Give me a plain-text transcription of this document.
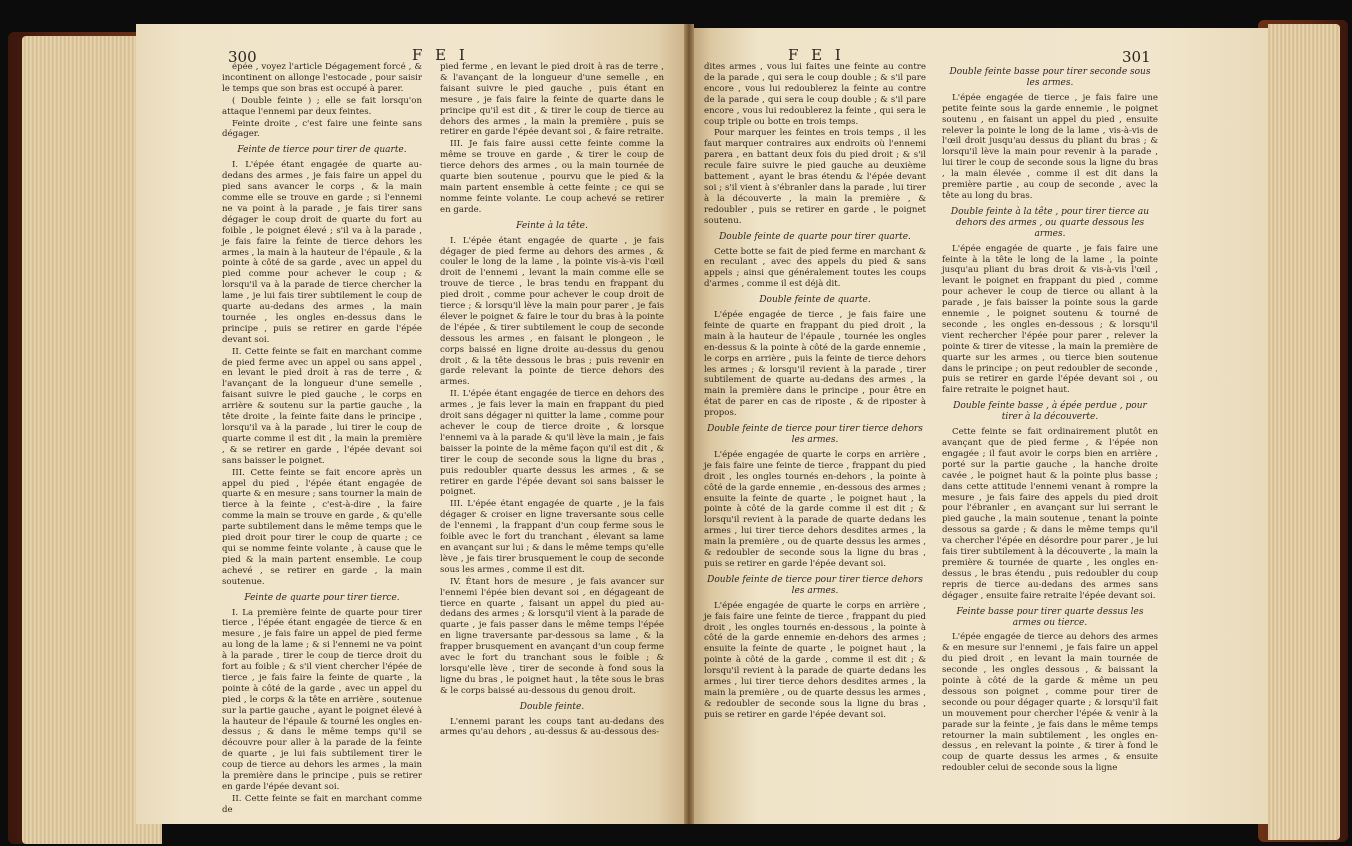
300	F E I	F E I	301

épée , voyez l'article Dégagement forcé , & incontinent on allonge l'estocade , pour saisir le temps que son bras est occupé à parer.

( Double feinte ) ; elle se fait lorsqu'on attaque l'ennemi par deux feintes.

Feinte droite , c'est faire une feinte sans dégager.

Feinte de tierce pour tirer de quarte.

I. L'épée étant engagée de quarte au-dedans des armes , je fais faire un appel du pied sans avancer le corps , & la main comme elle se trouve en garde ; si l'ennemi ne va point à la parade , je fais tirer sans dégager le coup droit de quarte du fort au foible , le poignet élevé ; s'il va à la parade , je fais faire la feinte de tierce dehors les armes , la main à la hauteur de l'épaule , & la pointe à côté de sa garde , avec un appel du pied comme pour achever le coup ; & lorsqu'il va à la parade de tierce chercher la lame , je lui fais tirer subtilement le coup de quarte au-dedans des armes , la main tournée , les ongles en-dessus dans le principe , puis se retirer en garde l'épée devant soi.

II. Cette feinte se fait en marchant comme de pied ferme avec un appel ou sans appel , en levant le pied droit à ras de terre , & l'avançant de la longueur d'une semelle , faisant suivre le pied gauche , le corps en arrière & soutenu sur la partie gauche , la tête droite , la feinte faite dans le principe , lorsqu'il va à la parade , lui tirer le coup de quarte comme il est dit , la main la première , & se retirer en garde , l'épée devant soi sans baisser le poignet.

III. Cette feinte se fait encore après un appel du pied , l'épée étant engagée de quarte & en mesure ; sans tourner la main de tierce à la feinte , c'est-à-dire , la faire comme la main se trouve en garde , & qu'elle parte subtilement dans le même temps que le pied droit pour tirer le coup de quarte ; ce qui se nomme feinte volante , à cause que le pied & la main partent ensemble. Le coup achevé , se retirer en garde , la main soutenue.

Feinte de quarte pour tirer tierce.

I. La première feinte de quarte pour tirer tierce , l'épée étant engagée de tierce & en mesure , je fais faire un appel de pied ferme au long de la lame ; & si l'ennemi ne va point à la parade , tirer le coup de tierce droit du fort au foible ; & s'il vient chercher l'épée de tierce , je fais faire la feinte de quarte , la pointe à côté de la garde , avec un appel du pied , le corps & la tête en arrière , soutenue sur la partie gauche , ayant le poignet élevé à la hauteur de l'épaule & tourné les ongles en-dessus ; & dans le même temps qu'il se découvre pour aller à la parade de la feinte de quarte , je lui fais subtilement tirer le coup de tierce au dehors les armes , la main la première dans le principe , puis se retirer en garde l'épée devant soi.

II. Cette feinte se fait en marchant comme de

pied ferme , en levant le pied droit à ras de terre , & l'avançant de la longueur d'une semelle , en faisant suivre le pied gauche , puis étant en mesure , je fais faire la feinte de quarte dans le principe qu'il est dit , & tirer le coup de tierce au dehors des armes , la main la première , puis se retirer en garde l'épée devant soi , & faire retraite.

III. Je fais faire aussi cette feinte comme la même se trouve en garde , & tirer le coup de tierce dehors des armes , ou la main tournée de quarte bien soutenue , pourvu que le pied & la main partent ensemble à cette feinte ; ce qui se nomme feinte volante. Le coup achevé se retirer en garde.

Feinte à la tête.

I. L'épée étant engagée de quarte , je fais dégager de pied ferme au dehors des armes , & couler le long de la lame , la pointe vis-à-vis l'œil droit de l'ennemi , levant la main comme elle se trouve de tierce , le bras tendu en frappant du pied droit , comme pour achever le coup droit de tierce ; & lorsqu'il lève la main pour parer , je fais élever le poignet & faire le tour du bras à la pointe de l'épée , & tirer subtilement le coup de seconde dessous les armes , en faisant le plongeon , le corps baissé en ligne droite au-dessus du genou droit , & la tête dessous le bras ; puis revenir en garde relevant la pointe de tierce dehors des armes.

II. L'épée étant engagée de tierce en dehors des armes , je fais lever la main en frappant du pied droit sans dégager ni quitter la lame , comme pour achever le coup de tierce droite , & lorsque l'ennemi va à la parade & qu'il lève la main , je fais baisser la pointe de la même façon qu'il est dit , & tirer le coup de seconde sous la ligne du bras , puis redoubler quarte dessus les armes , & se retirer en garde l'épée devant soi sans baisser le poignet.

III. L'épée étant engagée de quarte , je la fais dégager & croiser en ligne traversante sous celle de l'ennemi , la frappant d'un coup ferme sous le foible avec le fort du tranchant , élevant sa lame en avançant sur lui ; & dans le même temps qu'elle lève , je fais tirer brusquement le coup de seconde sous les armes , comme il est dit.

IV. Étant hors de mesure , je fais avancer sur l'ennemi l'épée bien devant soi , en dégageant de tierce en quarte , faisant un appel du pied au-dedans des armes ; & lorsqu'il vient à la parade de quarte , je fais passer dans le même temps l'épée en ligne traversante par-dessous sa lame , & la frapper brusquement en avançant d'un coup ferme avec le fort du tranchant sous le foible ; & lorsqu'elle lève , tirer de seconde à fond sous la ligne du bras , le poignet haut , la tête sous le bras & le corps baissé au-dessous du genou droit.

Double feinte.

L'ennemi parant les coups tant au-dedans des armes qu'au dehors , au-dessus & au-dessous des-

dites armes , vous lui faites une feinte au contre de la parade , qui sera le coup double ; & s'il pare encore , vous lui redoublerez la feinte au contre de la parade , qui sera le coup double ; & s'il pare encore , vous lui redoublerez la feinte , qui sera le coup triple ou botte en trois temps.

Pour marquer les feintes en trois temps , il les faut marquer contraires aux endroits où l'ennemi parera , en battant deux fois du pied droit ; & s'il recule faire suivre le pied gauche au deuxième battement , ayant le bras étendu & l'épée devant soi ; s'il vient à s'ébranler dans la parade , lui tirer à la découverte , la main la première , & redoubler , puis se retirer en garde , le poignet soutenu.

Double feinte de quarte pour tirer quarte.

Cette botte se fait de pied ferme en marchant & en reculant , avec des appels du pied & sans appels ; ainsi que généralement toutes les coups d'armes , comme il est déjà dit.

Double feinte de quarte.

L'épée engagée de tierce , je fais faire une feinte de quarte en frappant du pied droit , la main à la hauteur de l'épaule , tournée les ongles en-dessus & la pointe à côté de la garde ennemie , le corps en arrière , puis la feinte de tierce dehors les armes ; & lorsqu'il revient à la parade , tirer subtilement de quarte au-dedans des armes , la main la première dans le principe , pour être en état de parer en cas de riposte , & de riposter à propos.

Double feinte de tierce pour tirer tierce dehors les armes.

L'épée engagée de quarte le corps en arrière , je fais faire une feinte de tierce , frappant du pied droit , les ongles tournés en-dehors , la pointe à côté de la garde ennemie , en-dessous des armes ; ensuite la feinte de quarte , le poignet haut , la pointe à côté de la garde comme il est dit ; & lorsqu'il revient à la parade de quarte dedans les armes , lui tirer tierce dehors desdites armes , la main la première , ou de quarte dessus les armes , & redoubler de seconde sous la ligne du bras , puis se retirer en garde l'épée devant soi.

Double feinte de tierce pour tirer tierce dehors les armes.

L'épée engagée de quarte le corps en arrière , je fais faire une feinte de tierce , frappant du pied droit , les ongles tournés en-dessous , la pointe à côté de la garde ennemie en-dehors des armes ; ensuite la feinte de quarte , le poignet haut , la pointe à côté de la garde , comme il est dit ; & lorsqu'il revient à la parade de quarte dedans les armes , lui tirer tierce dehors desdites armes , la main la première , ou de quarte dessus les armes , & redoubler de seconde sous la ligne du bras , puis se retirer en garde l'épée devant soi.

Double feinte basse pour tirer seconde sous les armes.

L'épée engagée de tierce , je fais faire une petite feinte sous la garde ennemie , le poignet soutenu , en faisant un appel du pied , ensuite relever la pointe le long de la lame , vis-à-vis de l'œil droit jusqu'au dessus du pliant du bras ; & lorsqu'il lève la main pour revenir à la parade , lui tirer le coup de seconde sous la ligne du bras , la main élevée , comme il est dit dans la première partie , au coup de seconde , avec la tête au long du bras.

Double feinte à la tête , pour tirer tierce au dehors des armes , ou quarte dessous les armes.

L'épée engagée de quarte , je fais faire une feinte à la tête le long de la lame , la pointe jusqu'au pliant du bras droit & vis-à-vis l'œil , levant le poignet en frappant du pied , comme pour achever le coup de tierce ou allant à la parade , je fais baisser la pointe sous la garde ennemie , le poignet soutenu & tourné de seconde , les ongles en-dessous ; & lorsqu'il vient rechercher l'épée pour parer , relever la pointe & tirer de vitesse , la main la première de quarte sur les armes , ou tierce bien soutenue dans le principe ; on peut redoubler de seconde , puis se retirer en garde l'épée devant soi , ou faire retraite le poignet haut.

Double feinte basse , à épée perdue , pour tirer à la découverte.

Cette feinte se fait ordinairement plutôt en avançant que de pied ferme , & l'épée non engagée ; il faut avoir le corps bien en arrière , porté sur la partie gauche , la hanche droite cavée , le poignet haut & la pointe plus basse ; dans cette attitude l'ennemi venant à rompre la mesure , je fais faire des appels du pied droit pour l'ébranler , en avançant sur lui serrant le pied gauche , la main soutenue , tenant la pointe dessous sa garde ; & dans le même temps qu'il va chercher l'épée en désordre pour parer , je lui fais tirer subtilement à la découverte , la main la première & tournée de quarte , les ongles en-dessus , le bras étendu , puis redoubler du coup repris de tierce au-dedans des armes sans dégager , ensuite faire retraite l'épée devant soi.

Feinte basse pour tirer quarte dessus les armes ou tierce.

L'épée engagée de tierce au dehors des armes & en mesure sur l'ennemi , je fais faire un appel du pied droit , en levant la main tournée de seconde , les ongles dessous , & baissant la pointe à côté de la garde & même un peu dessous son poignet , comme pour tirer de seconde ou pour dégager quarte ; & lorsqu'il fait un mouvement pour chercher l'épée & venir à la parade sur la feinte , je fais dans le même temps retourner la main subtilement , les ongles en-dessus , en relevant la pointe , & tirer à fond le coup de quarte dessus les armes , & ensuite redoubler celui de seconde sous la ligne
